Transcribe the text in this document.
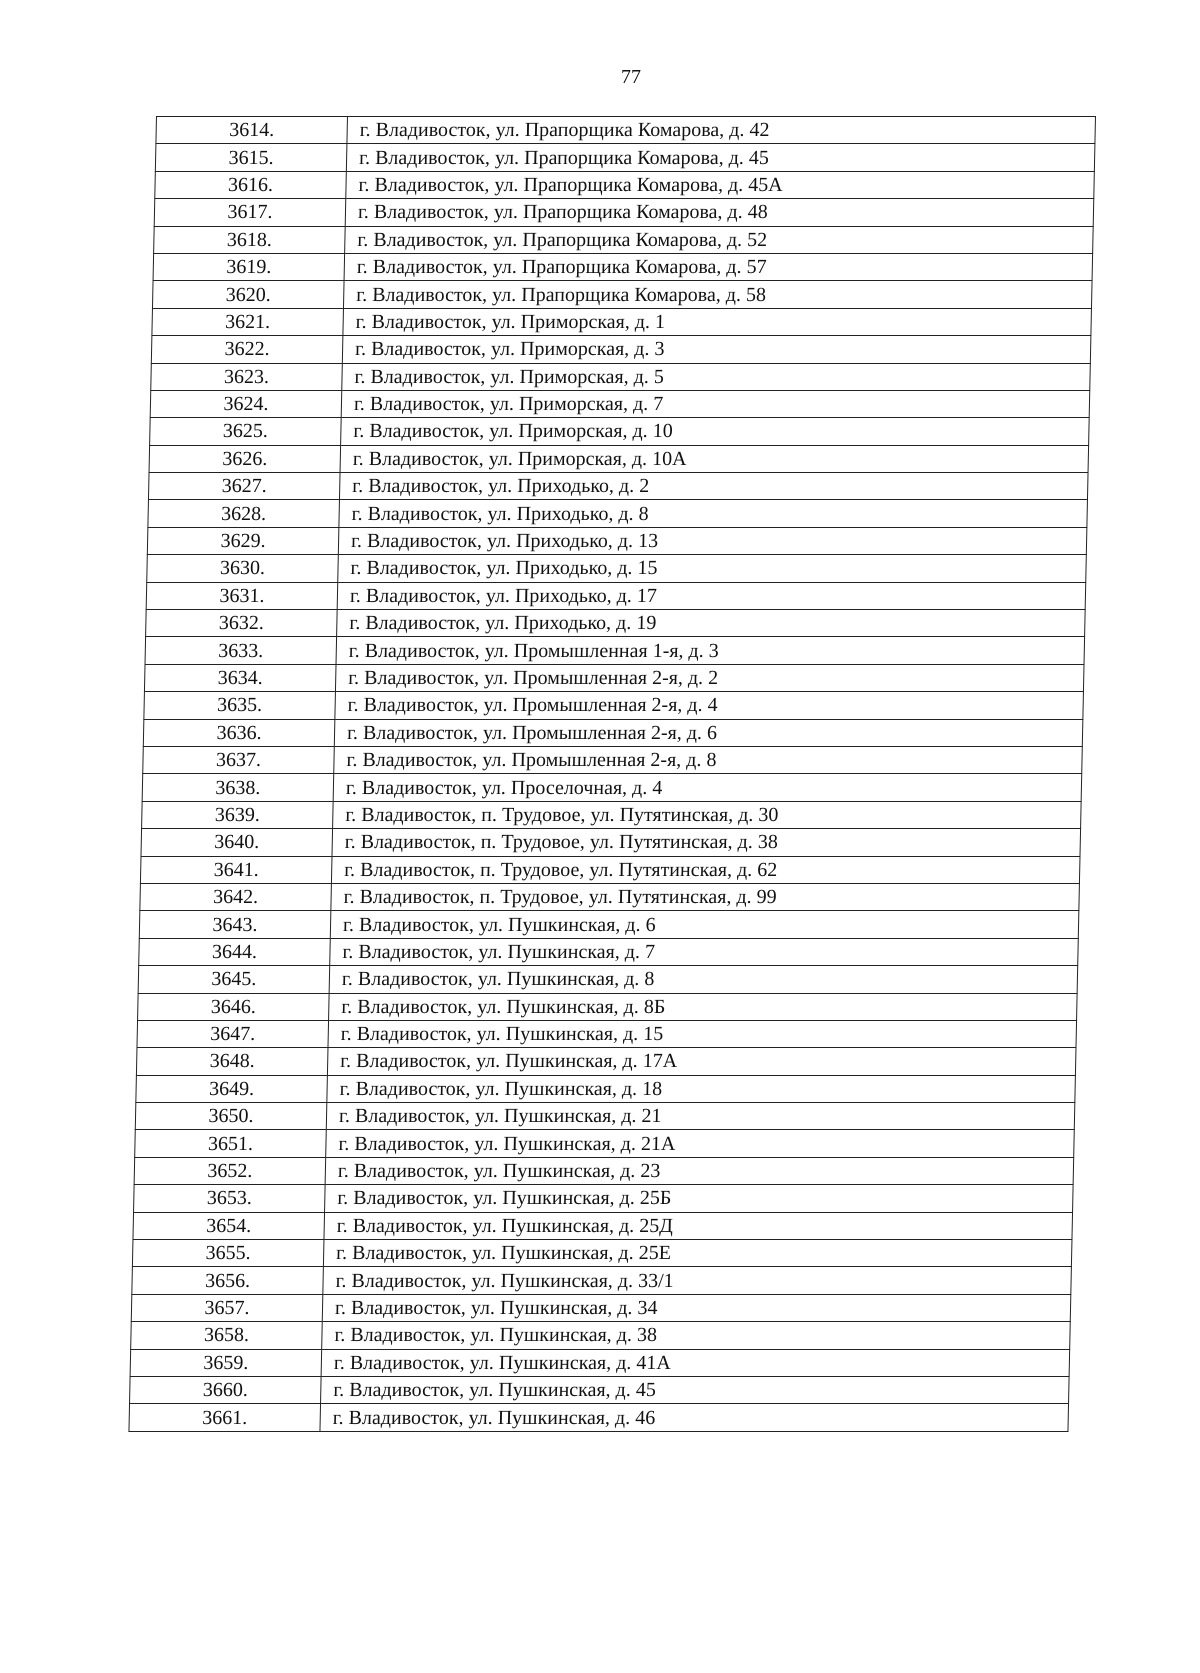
77
3614.	г. Владивосток, ул. Прапорщика Комарова, д. 42
3615.	г. Владивосток, ул. Прапорщика Комарова, д. 45
3616.	г. Владивосток, ул. Прапорщика Комарова, д. 45А
3617.	г. Владивосток, ул. Прапорщика Комарова, д. 48
3618.	г. Владивосток, ул. Прапорщика Комарова, д. 52
3619.	г. Владивосток, ул. Прапорщика Комарова, д. 57
3620.	г. Владивосток, ул. Прапорщика Комарова, д. 58
3621.	г. Владивосток, ул. Приморская, д. 1
3622.	г. Владивосток, ул. Приморская, д. 3
3623.	г. Владивосток, ул. Приморская, д. 5
3624.	г. Владивосток, ул. Приморская, д. 7
3625.	г. Владивосток, ул. Приморская, д. 10
3626.	г. Владивосток, ул. Приморская, д. 10А
3627.	г. Владивосток, ул. Приходько, д. 2
3628.	г. Владивосток, ул. Приходько, д. 8
3629.	г. Владивосток, ул. Приходько, д. 13
3630.	г. Владивосток, ул. Приходько, д. 15
3631.	г. Владивосток, ул. Приходько, д. 17
3632.	г. Владивосток, ул. Приходько, д. 19
3633.	г. Владивосток, ул. Промышленная 1-я, д. 3
3634.	г. Владивосток, ул. Промышленная 2-я, д. 2
3635.	г. Владивосток, ул. Промышленная 2-я, д. 4
3636.	г. Владивосток, ул. Промышленная 2-я, д. 6
3637.	г. Владивосток, ул. Промышленная 2-я, д. 8
3638.	г. Владивосток, ул. Проселочная, д. 4
3639.	г. Владивосток, п. Трудовое, ул. Путятинская, д. 30
3640.	г. Владивосток, п. Трудовое, ул. Путятинская, д. 38
3641.	г. Владивосток, п. Трудовое, ул. Путятинская, д. 62
3642.	г. Владивосток, п. Трудовое, ул. Путятинская, д. 99
3643.	г. Владивосток, ул. Пушкинская, д. 6
3644.	г. Владивосток, ул. Пушкинская, д. 7
3645.	г. Владивосток, ул. Пушкинская, д. 8
3646.	г. Владивосток, ул. Пушкинская, д. 8Б
3647.	г. Владивосток, ул. Пушкинская, д. 15
3648.	г. Владивосток, ул. Пушкинская, д. 17А
3649.	г. Владивосток, ул. Пушкинская, д. 18
3650.	г. Владивосток, ул. Пушкинская, д. 21
3651.	г. Владивосток, ул. Пушкинская, д. 21А
3652.	г. Владивосток, ул. Пушкинская, д. 23
3653.	г. Владивосток, ул. Пушкинская, д. 25Б
3654.	г. Владивосток, ул. Пушкинская, д. 25Д
3655.	г. Владивосток, ул. Пушкинская, д. 25Е
3656.	г. Владивосток, ул. Пушкинская, д. 33/1
3657.	г. Владивосток, ул. Пушкинская, д. 34
3658.	г. Владивосток, ул. Пушкинская, д. 38
3659.	г. Владивосток, ул. Пушкинская, д. 41А
3660.	г. Владивосток, ул. Пушкинская, д. 45
3661.	г. Владивосток, ул. Пушкинская, д. 46
